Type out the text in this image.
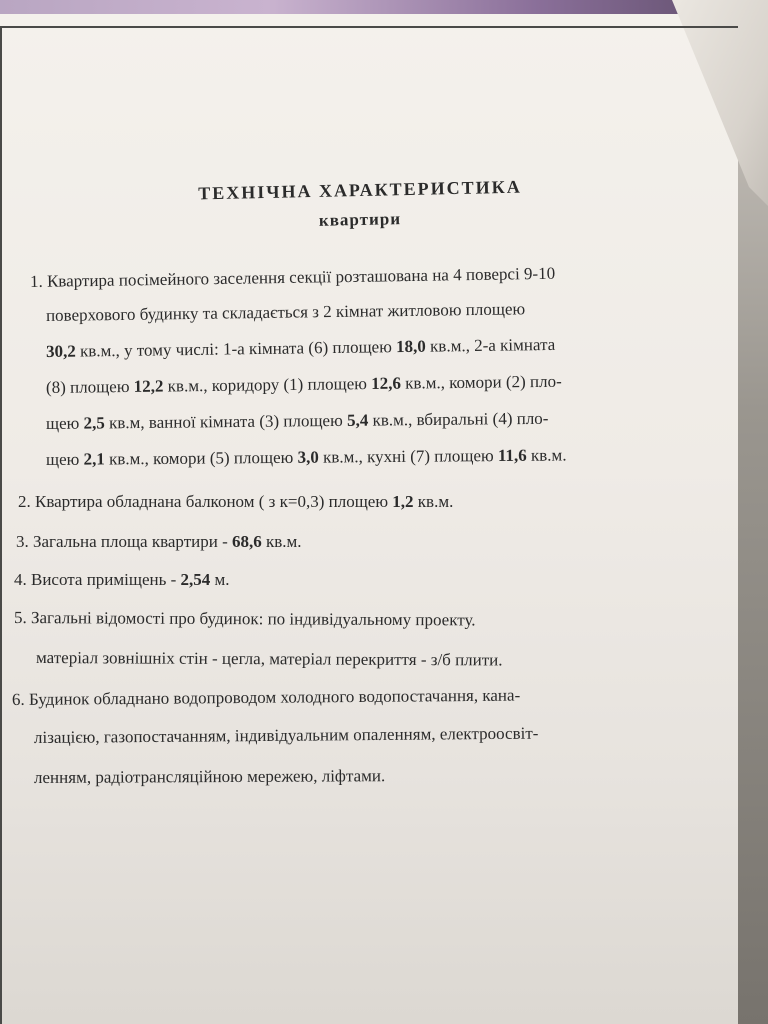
ТЕХНІЧНА ХАРАКТЕРИСТИКА
квартири
1. Квартира посімейного заселення секції розташована на 4 поверсі 9-10
поверхового будинку та складається з 2 кімнат житловою площею
30,2 кв.м., у тому числі: 1-а кімната (6) площею 18,0 кв.м., 2-а кімната
(8) площею 12,2 кв.м., коридору (1) площею 12,6 кв.м., комори (2) пло-
щею 2,5 кв.м, ванної кімната (3) площею 5,4 кв.м., вбиральні (4) пло-
щею 2,1 кв.м., комори (5) площею 3,0 кв.м., кухні (7) площею 11,6 кв.м.
2. Квартира обладнана балконом ( з к=0,3) площею 1,2 кв.м.
3. Загальна площа квартири - 68,6 кв.м.
4. Висота приміщень - 2,54 м.
5. Загальні відомості про будинок: по індивідуальному проекту.
матеріал зовнішніх стін - цегла, матеріал перекриття - з/б плити.
6. Будинок обладнано водопроводом холодного водопостачання, кана-
лізацією, газопостачанням, індивідуальним опаленням, електроосвіт-
ленням, радіотрансляційною мережею, ліфтами.
